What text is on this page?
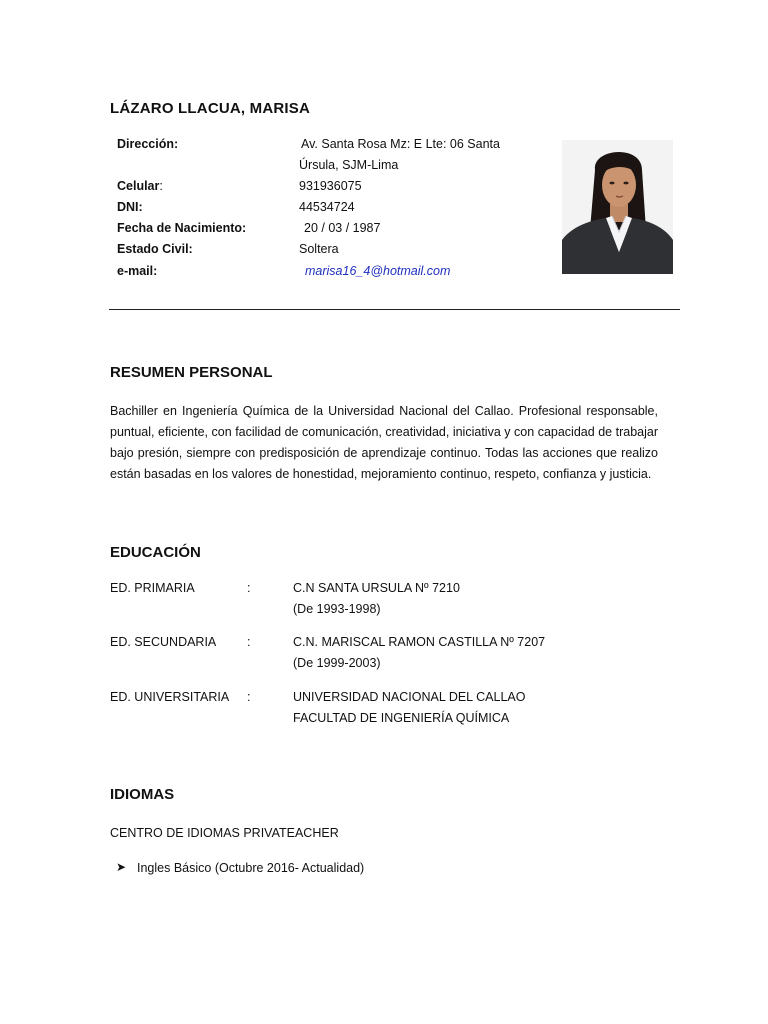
LÁZARO LLACUA, MARISA
Dirección:	Av. Santa Rosa Mz: E Lte: 06 Santa
Úrsula, SJM-Lima
Celular:	931936075
DNI:	44534724
Fecha de Nacimiento:	20 / 03 / 1987
Estado Civil:	Soltera
e-mail:	marisa16_4@hotmail.com
RESUMEN PERSONAL
Bachiller en Ingeniería Química de la Universidad Nacional del Callao. Profesional responsable, puntual, eficiente, con facilidad de comunicación, creatividad, iniciativa y con capacidad de trabajar bajo presión, siempre con predisposición de aprendizaje continuo. Todas las acciones que realizo están basadas en los valores de honestidad, mejoramiento continuo, respeto, confianza y justicia.
EDUCACIÓN
ED. PRIMARIA	:	C.N SANTA URSULA Nº 7210
(De 1993-1998)
ED. SECUNDARIA :	C.N. MARISCAL RAMON CASTILLA Nº 7207
(De 1999-2003)
ED. UNIVERSITARIA :	UNIVERSIDAD NACIONAL DEL CALLAO
FACULTAD DE INGENIERÍA QUÍMICA
IDIOMAS
CENTRO DE IDIOMAS PRIVATEACHER
➤ Ingles Básico (Octubre 2016- Actualidad)
